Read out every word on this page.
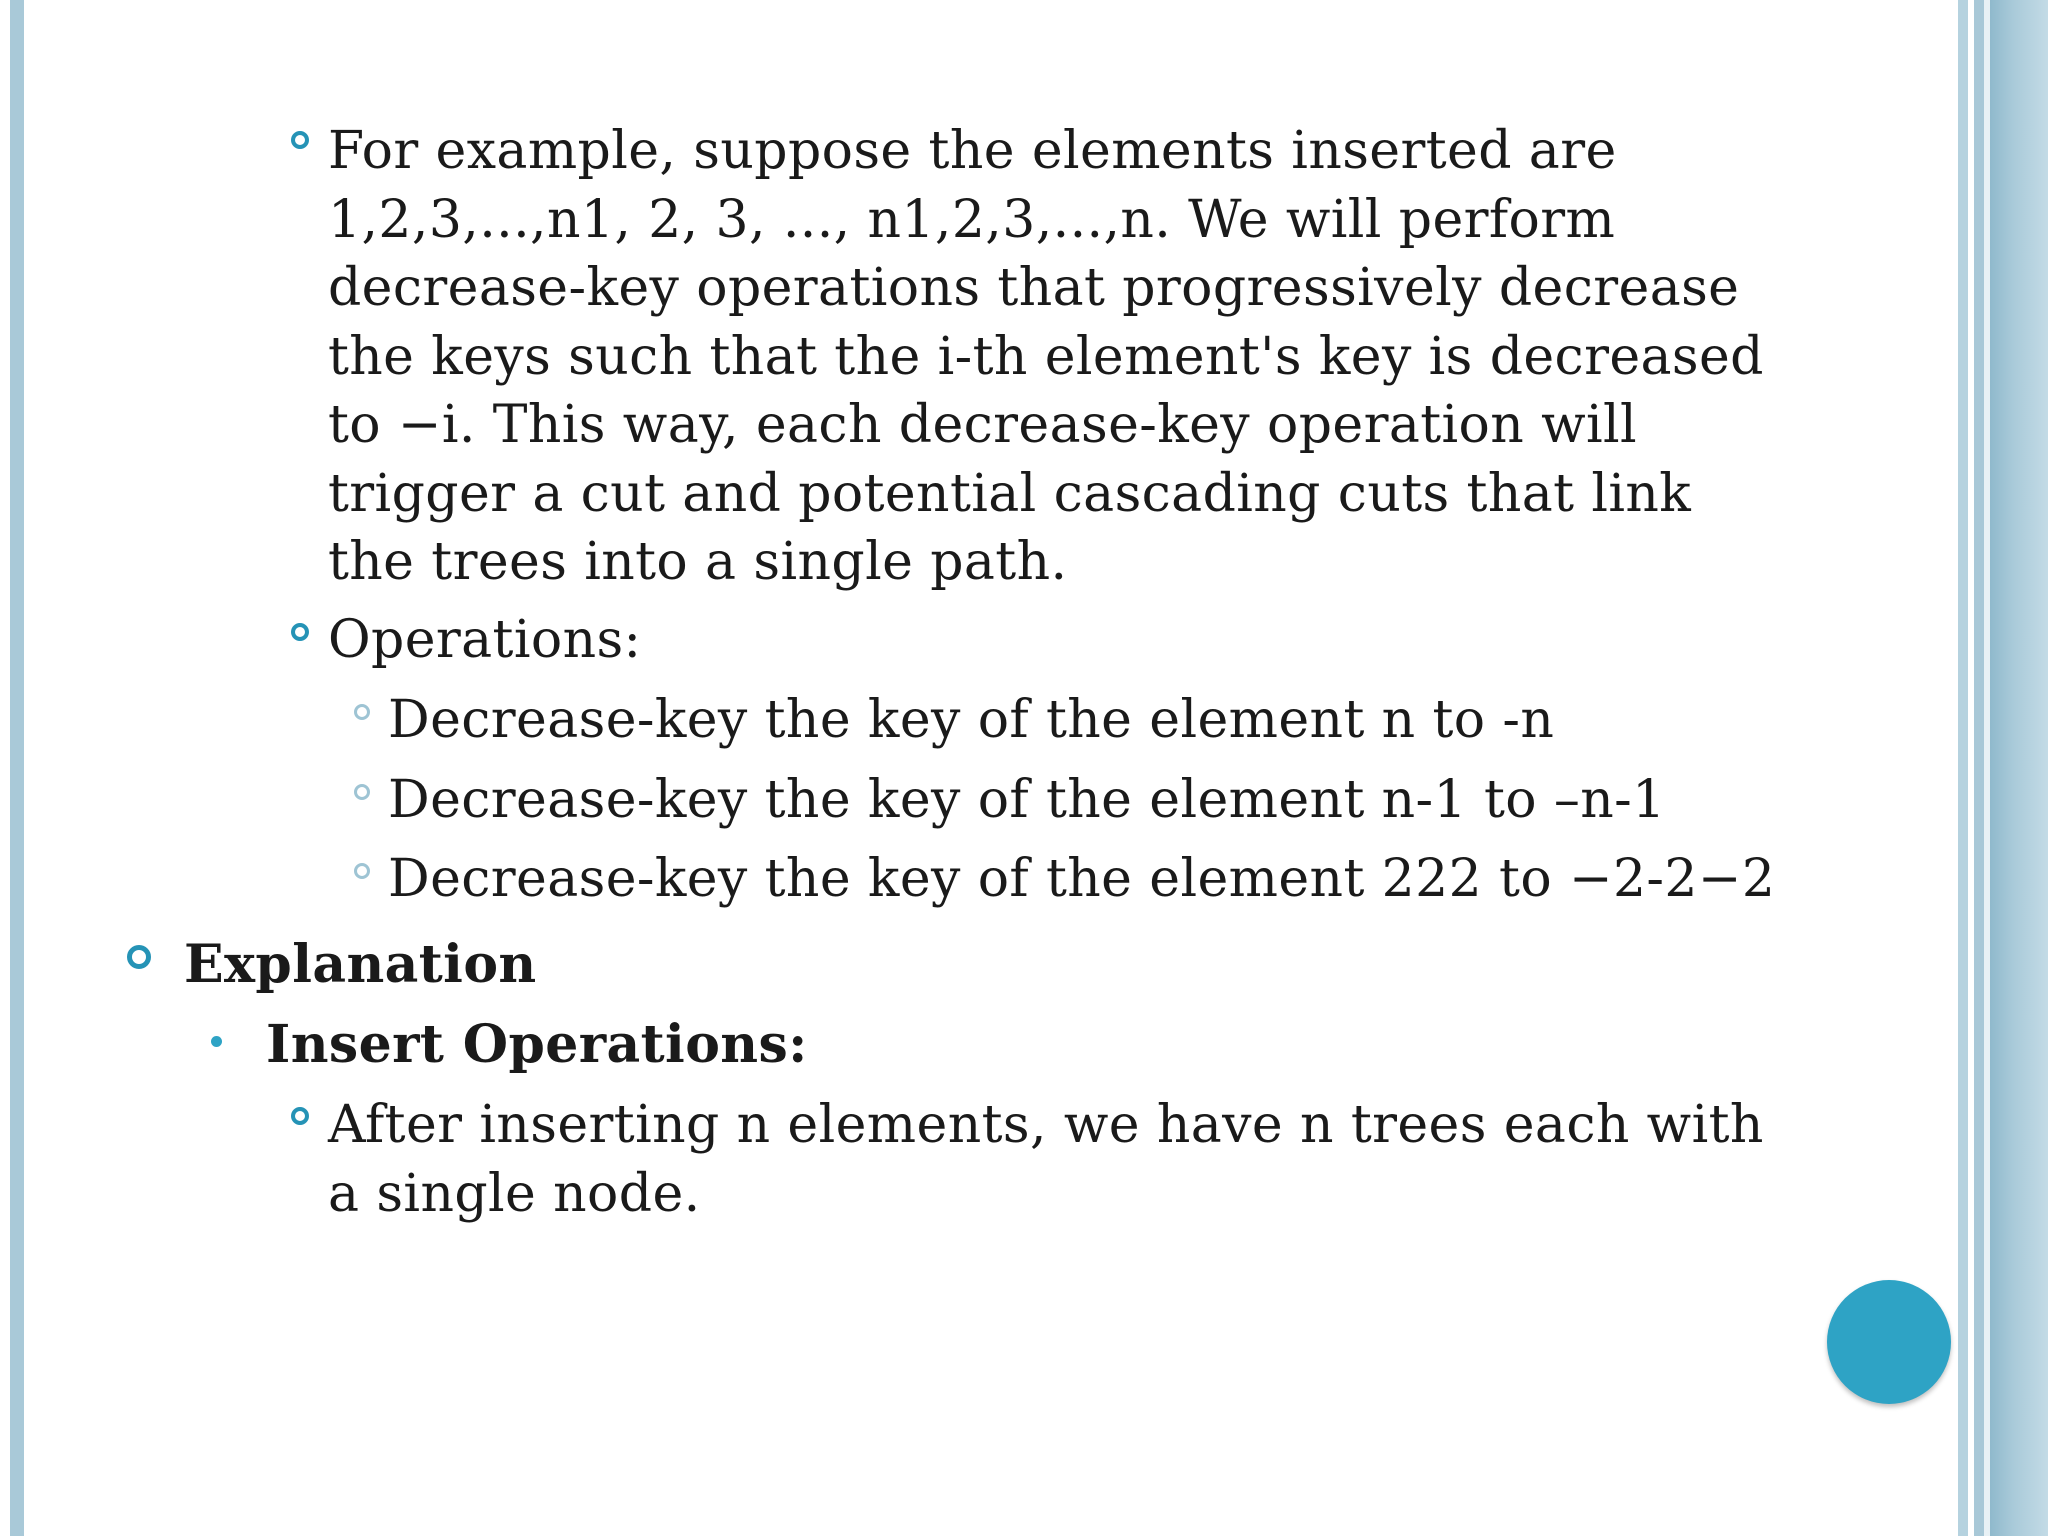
For example, suppose the elements inserted are
1,2,3,...,n1, 2, 3, ..., n1,2,3,...,n. We will perform
decrease-key operations that progressively decrease
the keys such that the i-th element's key is decreased
to −i. This way, each decrease-key operation will
trigger a cut and potential cascading cuts that link
the trees into a single path.
Operations:
Decrease-key the key of the element n to -n
Decrease-key the key of the element n-1 to –n-1
Decrease-key the key of the element 222 to −2-2−2
Explanation
Insert Operations:
After inserting n elements, we have n trees each with
a single node.
